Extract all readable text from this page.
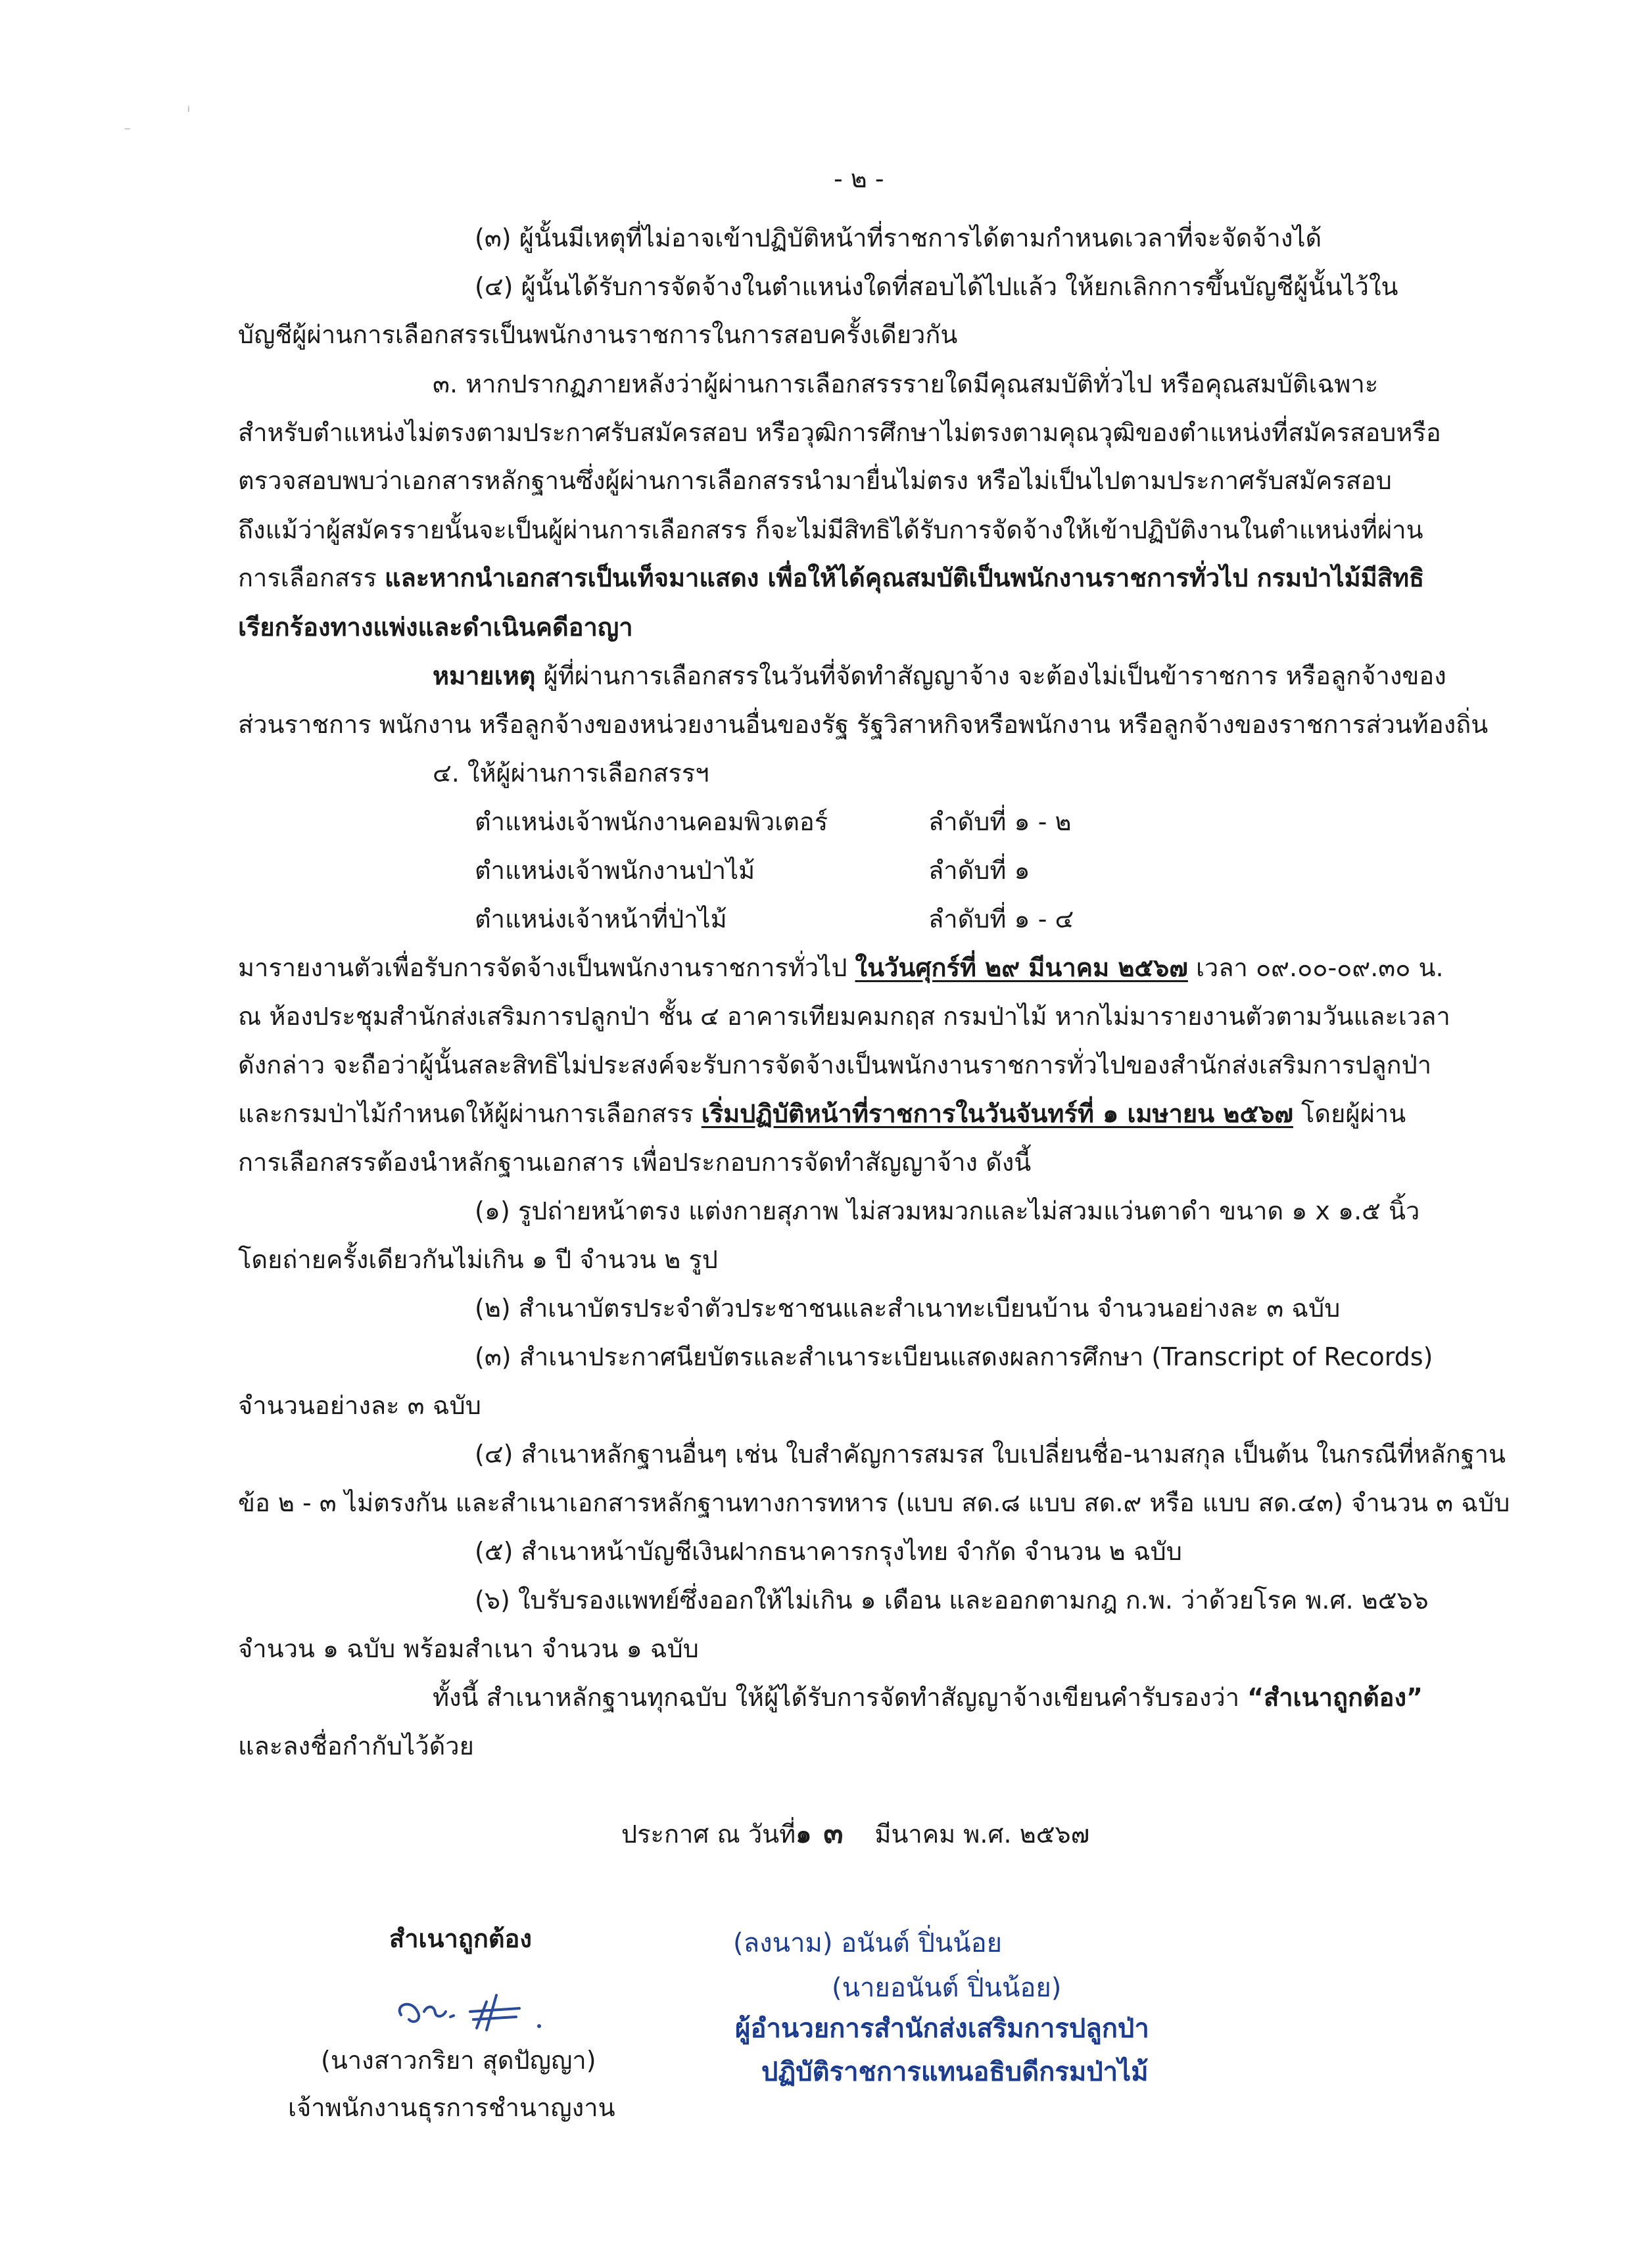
⁻
ⁱ
- ๒ -
(๓) ผู้นั้นมีเหตุที่ไม่อาจเข้าปฏิบัติหน้าที่ราชการได้ตามกำหนดเวลาที่จะจัดจ้างได้
(๔) ผู้นั้นได้รับการจัดจ้างในตำแหน่งใดที่สอบได้ไปแล้ว ให้ยกเลิกการขึ้นบัญชีผู้นั้นไว้ใน
บัญชีผู้ผ่านการเลือกสรรเป็นพนักงานราชการในการสอบครั้งเดียวกัน
๓. หากปรากฏภายหลังว่าผู้ผ่านการเลือกสรรรายใดมีคุณสมบัติทั่วไป หรือคุณสมบัติเฉพาะ
สำหรับตำแหน่งไม่ตรงตามประกาศรับสมัครสอบ หรือวุฒิการศึกษาไม่ตรงตามคุณวุฒิของตำแหน่งที่สมัครสอบหรือ
ตรวจสอบพบว่าเอกสารหลักฐานซึ่งผู้ผ่านการเลือกสรรนำมายื่นไม่ตรง หรือไม่เป็นไปตามประกาศรับสมัครสอบ
ถึงแม้ว่าผู้สมัครรายนั้นจะเป็นผู้ผ่านการเลือกสรร ก็จะไม่มีสิทธิได้รับการจัดจ้างให้เข้าปฏิบัติงานในตำแหน่งที่ผ่าน
การเลือกสรร และหากนำเอกสารเป็นเท็จมาแสดง เพื่อให้ได้คุณสมบัติเป็นพนักงานราชการทั่วไป กรมป่าไม้มีสิทธิ
เรียกร้องทางแพ่งและดำเนินคดีอาญา
หมายเหตุ ผู้ที่ผ่านการเลือกสรรในวันที่จัดทำสัญญาจ้าง จะต้องไม่เป็นข้าราชการ หรือลูกจ้างของ
ส่วนราชการ พนักงาน หรือลูกจ้างของหน่วยงานอื่นของรัฐ รัฐวิสาหกิจหรือพนักงาน หรือลูกจ้างของราชการส่วนท้องถิ่น
๔. ให้ผู้ผ่านการเลือกสรรฯ
ตำแหน่งเจ้าพนักงานคอมพิวเตอร์	ลำดับที่ ๑ - ๒
ตำแหน่งเจ้าพนักงานป่าไม้	ลำดับที่ ๑
ตำแหน่งเจ้าหน้าที่ป่าไม้	ลำดับที่ ๑ - ๔
มารายงานตัวเพื่อรับการจัดจ้างเป็นพนักงานราชการทั่วไป ในวันศุกร์ที่ ๒๙ มีนาคม ๒๕๖๗ เวลา ๐๙.๐๐-๐๙.๓๐ น.
ณ ห้องประชุมสำนักส่งเสริมการปลูกป่า ชั้น ๔ อาคารเทียมคมกฤส กรมป่าไม้ หากไม่มารายงานตัวตามวันและเวลา
ดังกล่าว จะถือว่าผู้นั้นสละสิทธิไม่ประสงค์จะรับการจัดจ้างเป็นพนักงานราชการทั่วไปของสำนักส่งเสริมการปลูกป่า
และกรมป่าไม้กำหนดให้ผู้ผ่านการเลือกสรร เริ่มปฏิบัติหน้าที่ราชการในวันจันทร์ที่ ๑ เมษายน ๒๕๖๗ โดยผู้ผ่าน
การเลือกสรรต้องนำหลักฐานเอกสาร เพื่อประกอบการจัดทำสัญญาจ้าง ดังนี้
(๑) รูปถ่ายหน้าตรง แต่งกายสุภาพ ไม่สวมหมวกและไม่สวมแว่นตาดำ ขนาด ๑ x ๑.๕ นิ้ว
โดยถ่ายครั้งเดียวกันไม่เกิน ๑ ปี จำนวน ๒ รูป
(๒) สำเนาบัตรประจำตัวประชาชนและสำเนาทะเบียนบ้าน จำนวนอย่างละ ๓ ฉบับ
(๓) สำเนาประกาศนียบัตรและสำเนาระเบียนแสดงผลการศึกษา (Transcript of Records)
จำนวนอย่างละ ๓ ฉบับ
(๔) สำเนาหลักฐานอื่นๆ เช่น ใบสำคัญการสมรส ใบเปลี่ยนชื่อ-นามสกุล เป็นต้น ในกรณีที่หลักฐาน
ข้อ ๒ - ๓ ไม่ตรงกัน และสำเนาเอกสารหลักฐานทางการทหาร (แบบ สด.๘ แบบ สด.๙ หรือ แบบ สด.๔๓) จำนวน ๓ ฉบับ
(๕) สำเนาหน้าบัญชีเงินฝากธนาคารกรุงไทย จำกัด จำนวน ๒ ฉบับ
(๖) ใบรับรองแพทย์ซึ่งออกให้ไม่เกิน ๑ เดือน และออกตามกฎ ก.พ. ว่าด้วยโรค พ.ศ. ๒๕๖๖
จำนวน ๑ ฉบับ พร้อมสำเนา จำนวน ๑ ฉบับ
ทั้งนี้ สำเนาหลักฐานทุกฉบับ ให้ผู้ได้รับการจัดทำสัญญาจ้างเขียนคำรับรองว่า “สำเนาถูกต้อง”
และลงชื่อกำกับไว้ด้วย
ประกาศ ณ วันที่๑ ๓ มีนาคม พ.ศ. ๒๕๖๗
สำเนาถูกต้อง
(นางสาวกริยา สุดปัญญา)
เจ้าพนักงานธุรการชำนาญงาน
(ลงนาม) อนันต์ ปิ่นน้อย
(นายอนันต์ ปิ่นน้อย)
ผู้อำนวยการสำนักส่งเสริมการปลูกป่า
ปฏิบัติราชการแทนอธิบดีกรมป่าไม้
